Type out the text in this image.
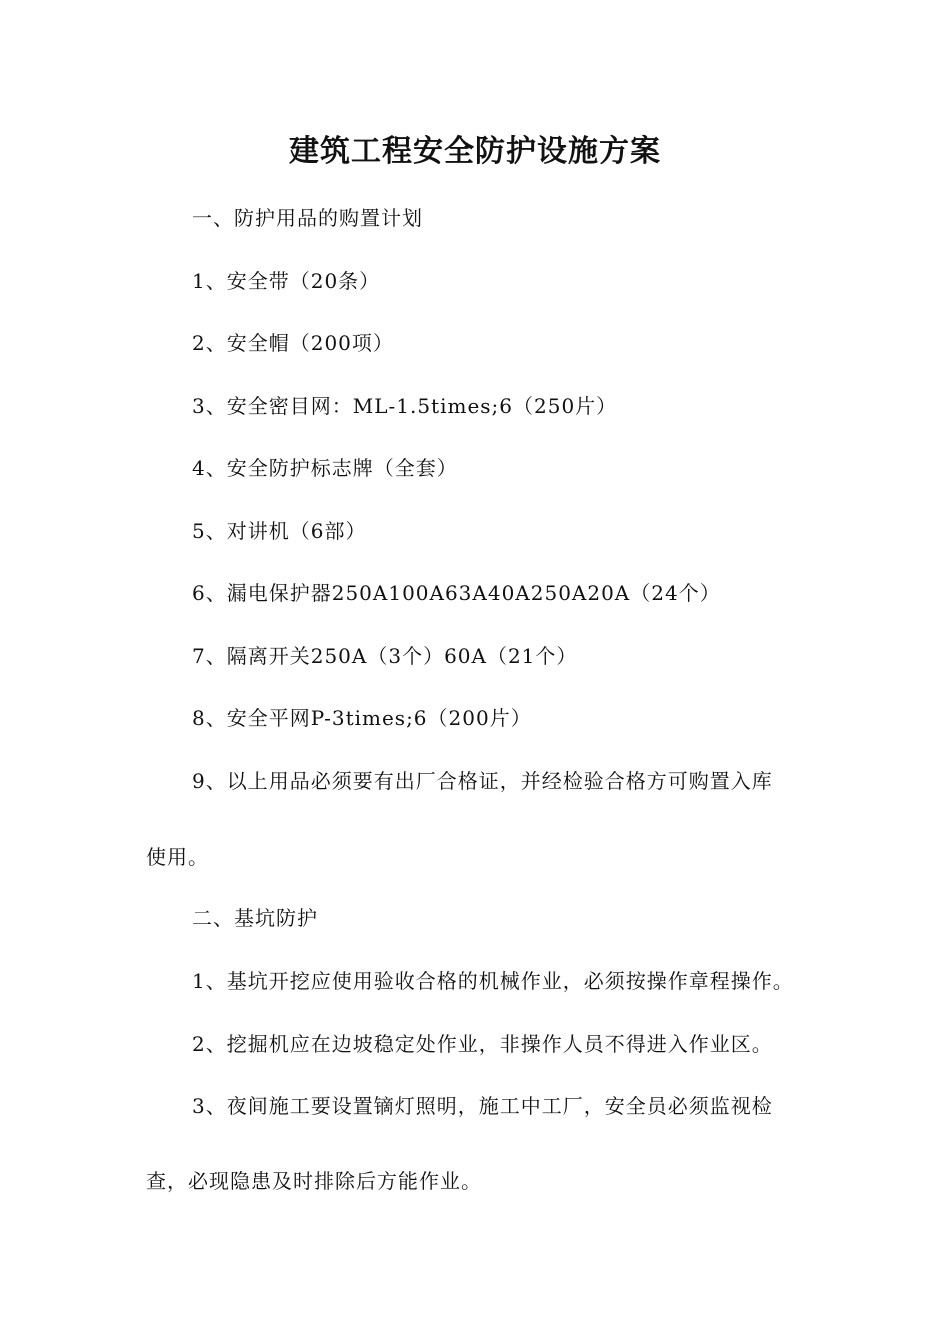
建筑工程安全防护设施方案
一、防护用品的购置计划
1、安全带（20条）
2、安全帽（200项）
3、安全密目网：ML-1.5times;6（250片）
4、安全防护标志牌（全套）
5、对讲机（6部）
6、漏电保护器250A100A63A40A250A20A（24个）
7、隔离开关250A（3个）60A（21个）
8、安全平网P-3times;6（200片）
9、以上用品必须要有出厂合格证，并经检验合格方可购置入库
使用。
二、基坑防护
1、基坑开挖应使用验收合格的机械作业，必须按操作章程操作。
2、挖掘机应在边坡稳定处作业，非操作人员不得进入作业区。
3、夜间施工要设置镝灯照明，施工中工厂，安全员必须监视检
查，必现隐患及时排除后方能作业。
